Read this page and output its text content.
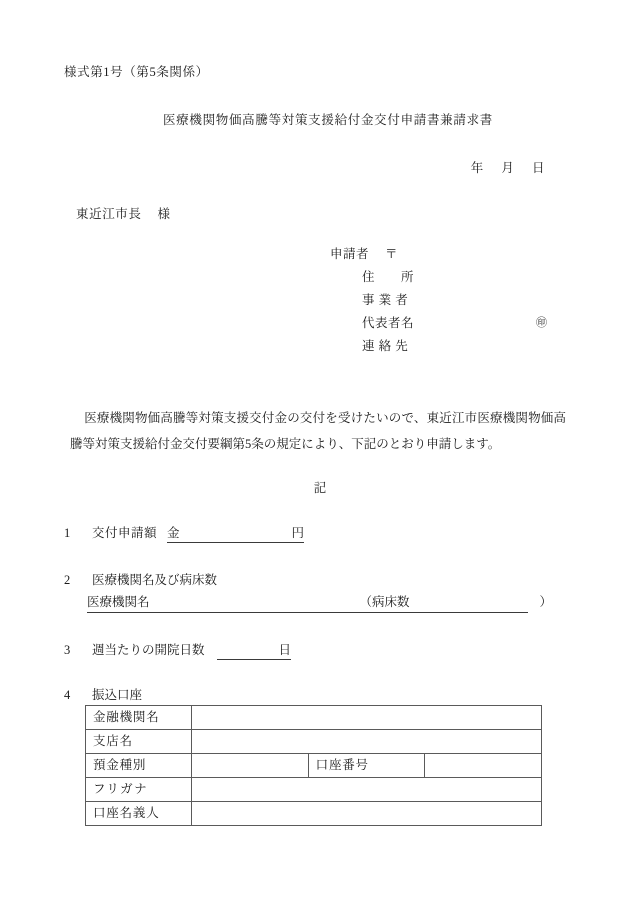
様式第1号（第5条関係）
医療機関物価高騰等対策支援給付金交付申請書兼請求書
年 月 日
東近江市長 様
申請者 〒
住　　所
事 業 者
代表者名	㊞
連 絡 先
医療機関物価高騰等対策支援交付金の交付を受けたいので、東近江市医療機関物価高騰等対策支援給付金交付要綱第5条の規定により、下記のとおり申請します。
記
1 交付申請額 金	円
2 医療機関名及び病床数
医療機関名	（病床数	）
3 週当たりの開院日数	日
4 振込口座
金融機関名			
支店名			
預金種別		口座番号	
フリガナ			
口座名義人			
